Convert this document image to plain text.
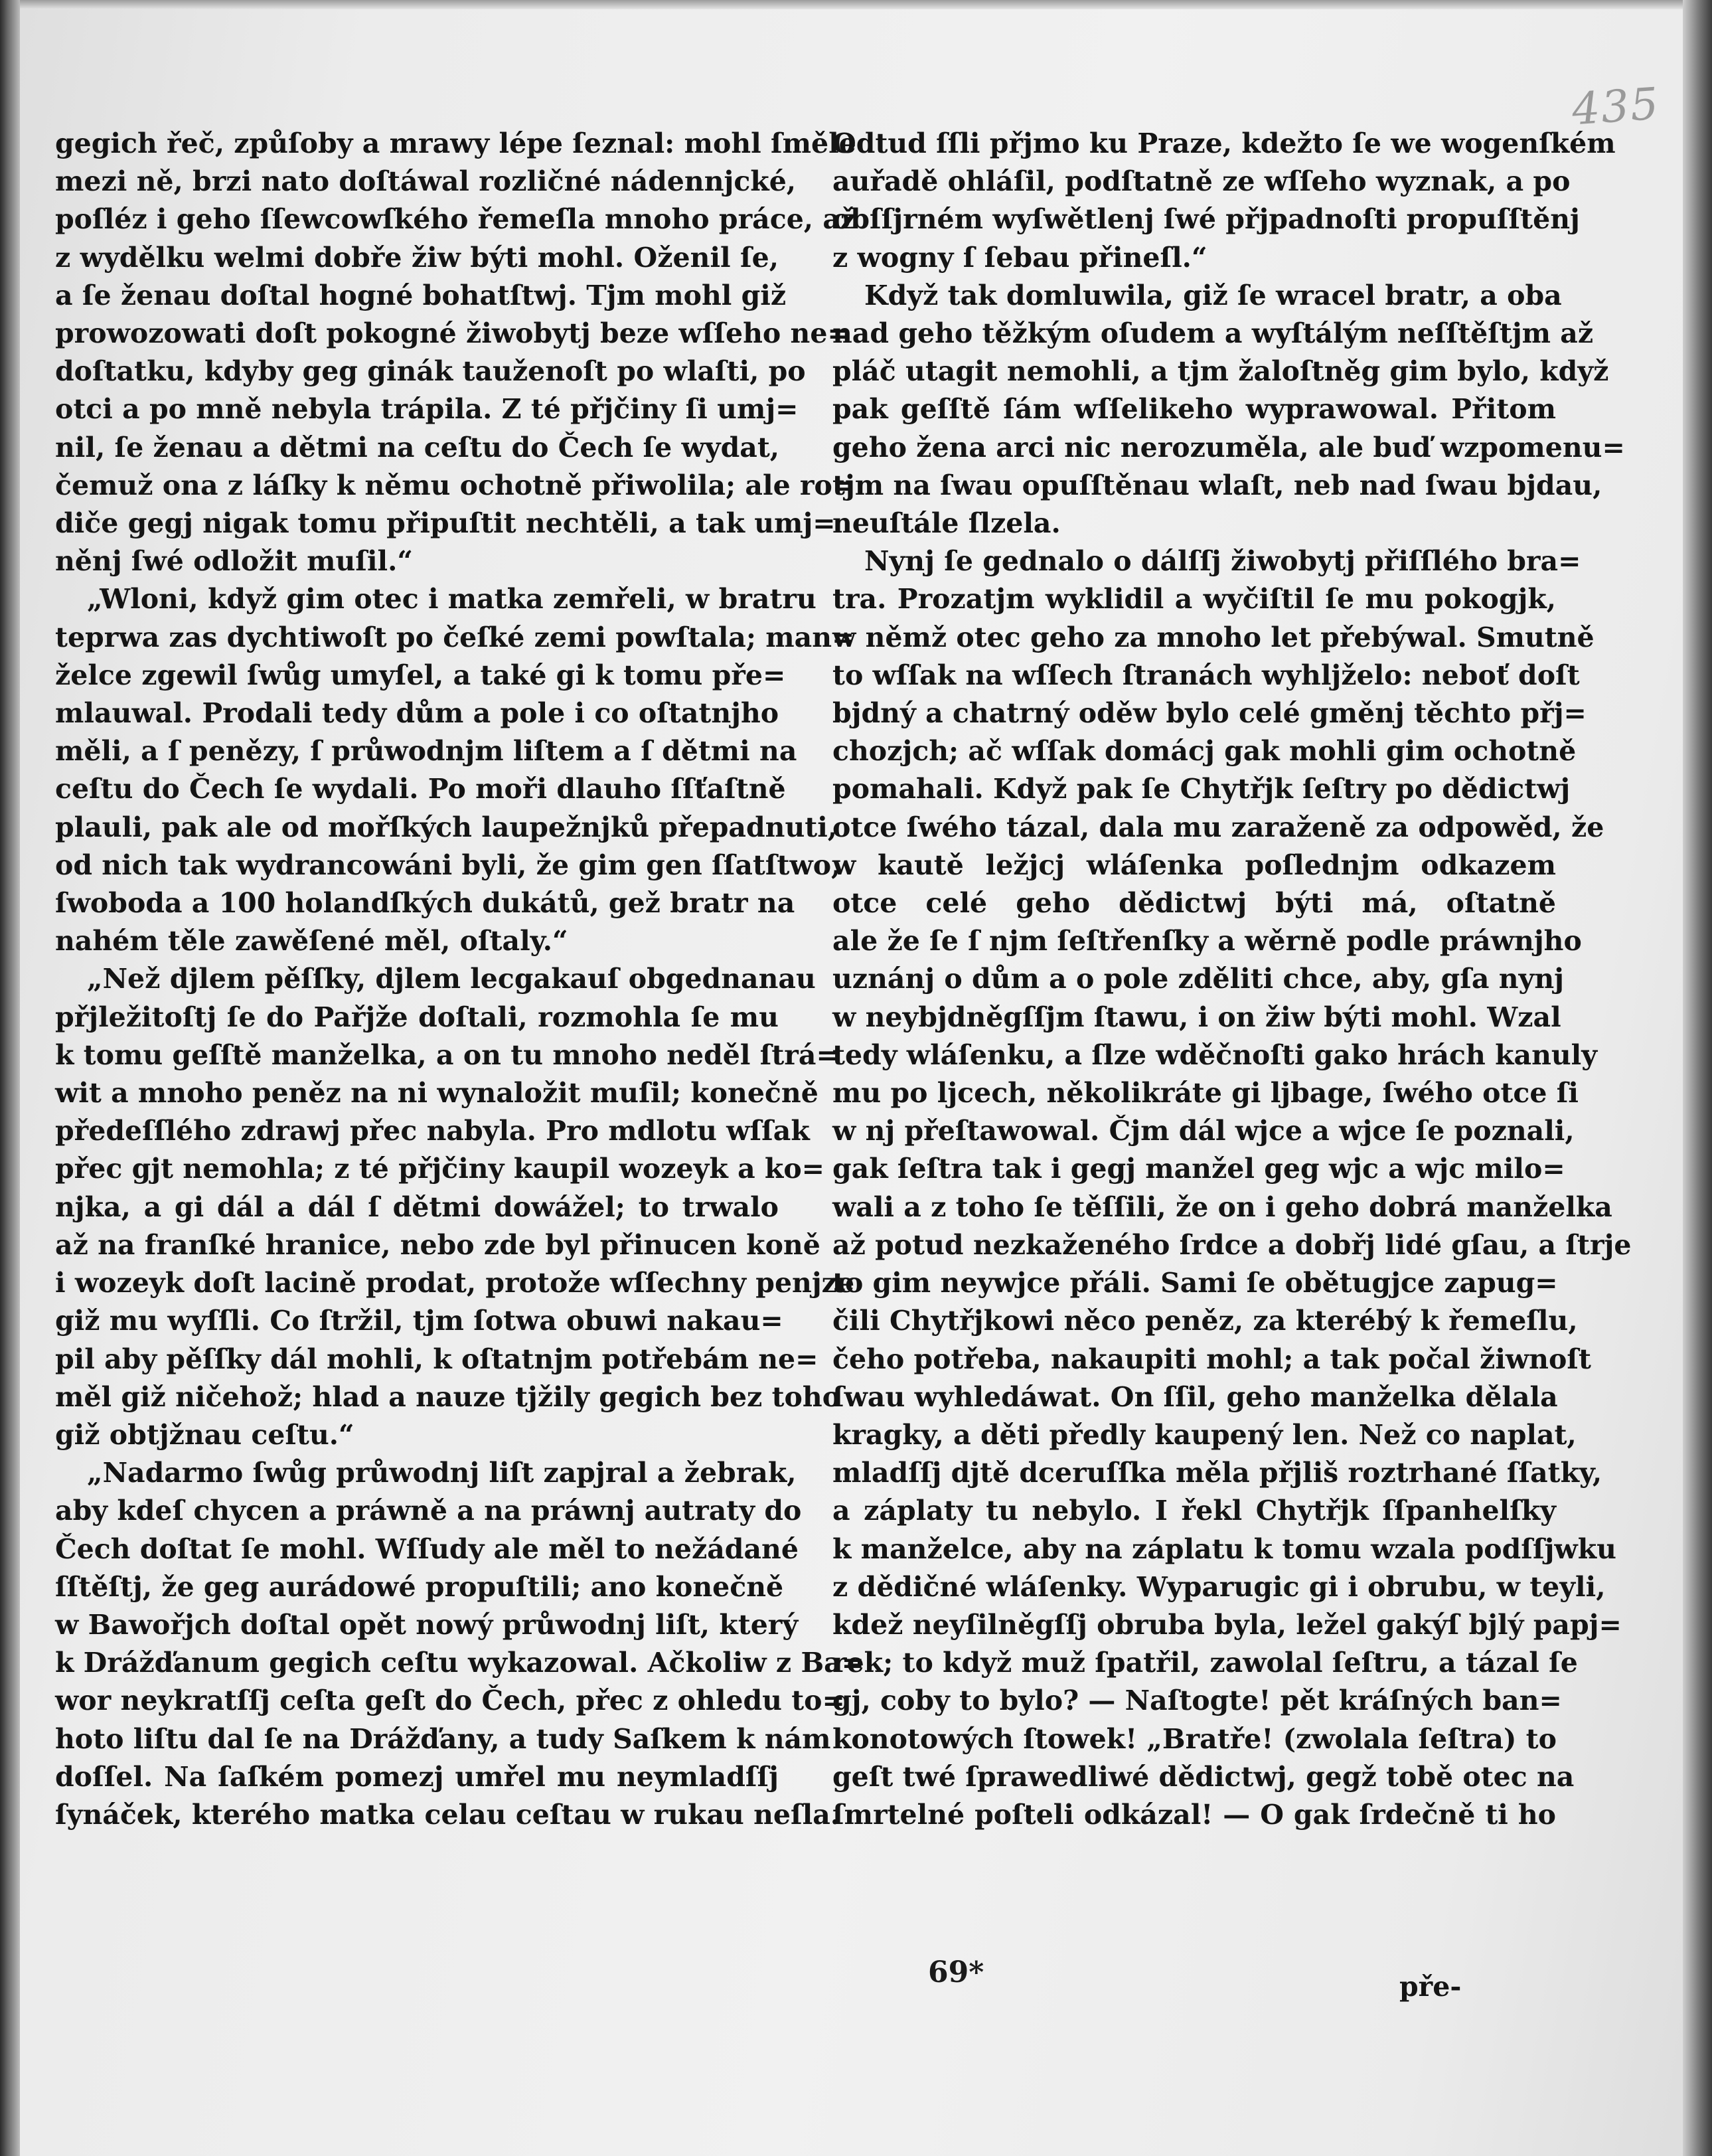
435
gegich řeč, způſoby a mrawy lépe ſeznal: mohl ſměle
mezi ně, brzi nato doſtáwal rozličné nádennjcké,
poſléz i geho ſſewcowſkého řemeſla mnoho práce, až
z wydělku welmi dobře žiw býti mohl. Oženil ſe,
a ſe ženau doſtal hogné bohatſtwj. Tjm mohl giž
prowozowati doſt pokogné žiwobytj beze wſſeho ne=
doſtatku, kdyby geg ginák tauženoſt po wlaſti, po
otci a po mně nebyla trápila. Z té přjčiny ſi umj=
nil, ſe ženau a dětmi na ceſtu do Čech ſe wydat,
čemuž ona z láſky k němu ochotně přiwolila; ale ro=
diče gegj nigak tomu připuſtit nechtěli, a tak umj=
něnj ſwé odložit muſil.“
„Wloni, když gim otec i matka zemřeli, w bratru
teprwa zas dychtiwoſt po čeſké zemi powſtala; man=
želce zgewil ſwůg umyſel, a také gi k tomu pře=
mlauwal. Prodali tedy dům a pole i co oſtatnjho
měli, a ſ penězy, ſ průwodnjm liſtem a ſ dětmi na
ceſtu do Čech ſe wydali. Po moři dlauho ſſťaſtně
plauli, pak ale od mořſkých laupežnjků přepadnuti,
od nich tak wydrancowáni byli, že gim gen ſſatſtwo,
ſwoboda a 100 holandſkých dukátů, gež bratr na
nahém těle zawěſené měl, oſtaly.“
„Než djlem pěſſky, djlem lecgakauſ obgednanau
přjležitoſtj ſe do Pařjže doſtali, rozmohla ſe mu
k tomu geſſtě manželka, a on tu mnoho neděl ſtrá=
wit a mnoho peněz na ni wynaložit muſil; konečně
předeſſlého zdrawj přec nabyla. Pro mdlotu wſſak
přec gjt nemohla; z té přjčiny kaupil wozeyk a ko=
njka, a gi dál a dál ſ dětmi dowážel; to trwalo
až na franſké hranice, nebo zde byl přinucen koně
i wozeyk doſt lacině prodat, protože wſſechny penjze
giž mu wyſſli. Co ſtržil, tjm ſotwa obuwi nakau=
pil aby pěſſky dál mohli, k oſtatnjm potřebám ne=
měl giž ničehož; hlad a nauze tjžily gegich bez toho
giž obtjžnau ceſtu.“
„Nadarmo ſwůg průwodnj liſt zapjral a žebrak,
aby kdeſ chycen a práwně a na práwnj autraty do
Čech doſtat ſe mohl. Wſſudy ale měl to nežádané
ſſtěſtj, že geg aurádowé propuſtili; ano konečně
w Bawořjch doſtal opět nowý průwodnj liſt, který
k Drážďanum gegich ceſtu wykazowal. Ačkoliw z Ba=
wor neykratſſj ceſta geſt do Čech, přec z ohledu to=
hoto liſtu dal ſe na Drážďany, a tudy Saſkem k nám
doſſel. Na ſaſkém pomezj umřel mu neymladſſj
ſynáček, kterého matka celau ceſtau w rukau neſla.
Odtud ſſli přjmo ku Praze, kdežto ſe we wogenſkém
auřadě ohláſil, podſtatně ze wſſeho wyznak, a po
obſſjrném wyſwětlenj ſwé přjpadnoſti propuſſtěnj
z wogny ſ ſebau přineſl.“
Když tak domluwila, giž ſe wracel bratr, a oba
nad geho těžkým oſudem a wyſtálým neſſtěſtjm až
pláč utagit nemohli, a tjm žaloſtněg gim bylo, když
pak geſſtě ſám wſſelikeho wyprawowal. Přitom
geho žena arci nic nerozuměla, ale buď wzpomenu=
tjm na ſwau opuſſtěnau wlaſt, neb nad ſwau bjdau,
neuſtále ſlzela.
Nynj ſe gednalo o dálſſj žiwobytj přiſſlého bra=
tra. Prozatjm wyklidil a wyčiſtil ſe mu pokogjk,
w němž otec geho za mnoho let přebýwal. Smutně
to wſſak na wſſech ſtranách wyhljželo: neboť doſt
bjdný a chatrný oděw bylo celé gměnj těchto přj=
chozjch; ač wſſak domácj gak mohli gim ochotně
pomahali. Když pak ſe Chytřjk ſeſtry po dědictwj
otce ſwého tázal, dala mu zaraženě za odpowěd, že
w kautě ležjcj wláſenka poſlednjm odkazem
otce celé geho dědictwj býti má, oſtatně
ale že ſe ſ njm ſeſtřenſky a wěrně podle práwnjho
uznánj o dům a o pole zděliti chce, aby, gſa nynj
w neybjdněgſſjm ſtawu, i on žiw býti mohl. Wzal
tedy wláſenku, a ſlze wděčnoſti gako hrách kanuly
mu po ljcech, několikráte gi ljbage, ſwého otce ſi
w nj přeſtawowal. Čjm dál wjce a wjce ſe poznali,
gak ſeſtra tak i gegj manžel geg wjc a wjc milo=
wali a z toho ſe těſſili, že on i geho dobrá manželka
až potud nezkaženého ſrdce a dobřj lidé gſau, a ſtrje
to gim neywjce přáli. Sami ſe obětugjce zapug=
čili Chytřjkowi něco peněz, za kterébý k řemeſlu,
čeho potřeba, nakaupiti mohl; a tak počal žiwnoſt
ſwau wyhledáwat. On ſſil, geho manželka dělala
kragky, a děti předly kaupený len. Než co naplat,
mladſſj djtě dceruſſka měla přjliš roztrhané ſſatky,
a záplaty tu nebylo. I řekl Chytřjk ſſpanhelſky
k manželce, aby na záplatu k tomu wzala podſſjwku
z dědičné wláſenky. Wyparugic gi i obrubu, w teyli,
kdež neyſilněgſſj obruba byla, ležel gakýſ bjlý papj=
rek; to když muž ſpatřil, zawolal ſeſtru, a tázal ſe
gj, coby to bylo? — Naſtogte! pět kráſných ban=
konotowých ſtowek! „Bratře! (zwolala ſeſtra) to
geſt twé ſprawedliwé dědictwj, gegž tobě otec na
ſmrtelné poſteli odkázal! — O gak ſrdečně ti ho
69*	pře-
